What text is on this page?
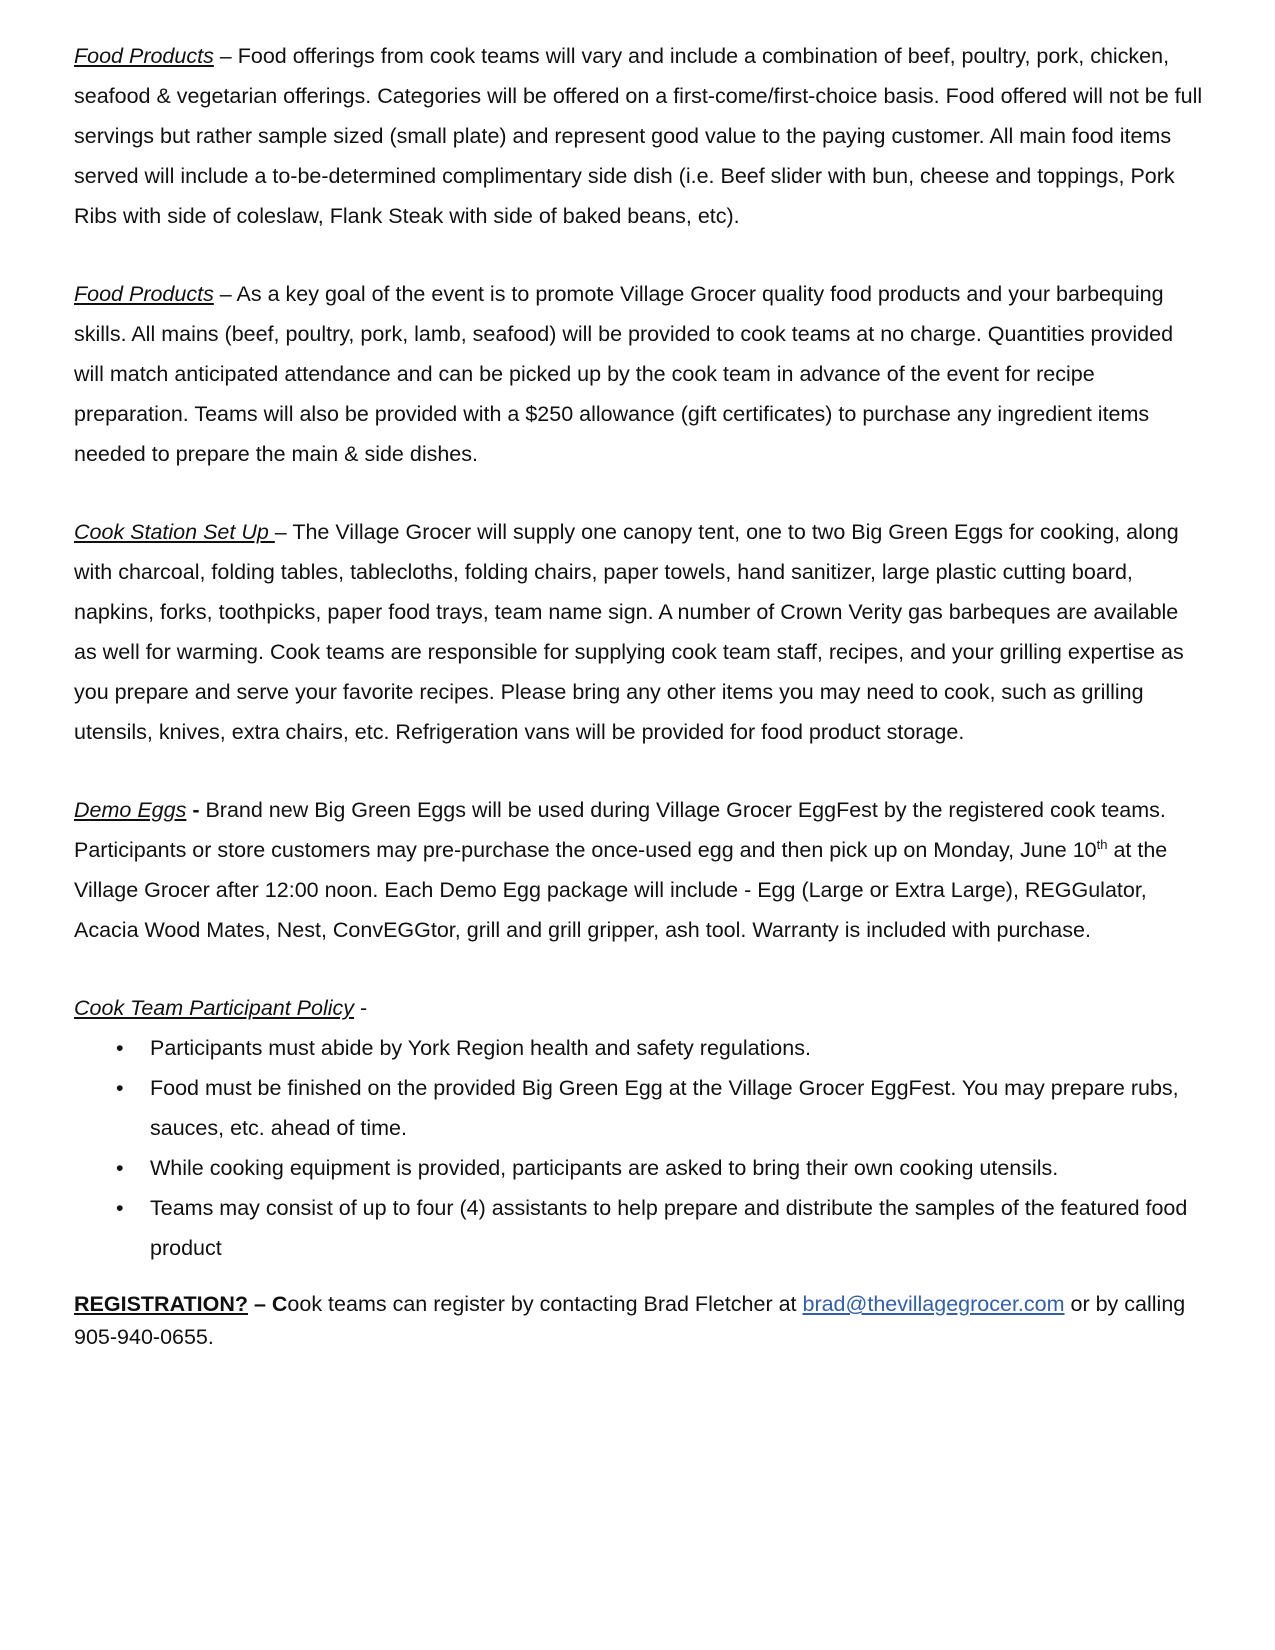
Food Products – Food offerings from cook teams will vary and include a combination of beef, poultry, pork, chicken, seafood & vegetarian offerings. Categories will be offered on a first-come/first-choice basis. Food offered will not be full servings but rather sample sized (small plate) and represent good value to the paying customer. All main food items served will include a to-be-determined complimentary side dish (i.e. Beef slider with bun, cheese and toppings, Pork Ribs with side of coleslaw, Flank Steak with side of baked beans, etc).

Food Products – As a key goal of the event is to promote Village Grocer quality food products and your barbequing skills. All mains (beef, poultry, pork, lamb, seafood) will be provided to cook teams at no charge. Quantities provided will match anticipated attendance and can be picked up by the cook team in advance of the event for recipe preparation. Teams will also be provided with a $250 allowance (gift certificates) to purchase any ingredient items needed to prepare the main & side dishes.

Cook Station Set Up – The Village Grocer will supply one canopy tent, one to two Big Green Eggs for cooking, along with charcoal, folding tables, tablecloths, folding chairs, paper towels, hand sanitizer, large plastic cutting board, napkins, forks, toothpicks, paper food trays, team name sign. A number of Crown Verity gas barbeques are available as well for warming. Cook teams are responsible for supplying cook team staff, recipes, and your grilling expertise as you prepare and serve your favorite recipes. Please bring any other items you may need to cook, such as grilling utensils, knives, extra chairs, etc. Refrigeration vans will be provided for food product storage.

Demo Eggs - Brand new Big Green Eggs will be used during Village Grocer EggFest by the registered cook teams. Participants or store customers may pre-purchase the once-used egg and then pick up on Monday, June 10th at the Village Grocer after 12:00 noon. Each Demo Egg package will include - Egg (Large or Extra Large), REGGulator, Acacia Wood Mates, Nest, ConvEGGtor, grill and grill gripper, ash tool. Warranty is included with purchase.

Cook Team Participant Policy -

• Participants must abide by York Region health and safety regulations.
• Food must be finished on the provided Big Green Egg at the Village Grocer EggFest. You may prepare rubs, sauces, etc. ahead of time.
• While cooking equipment is provided, participants are asked to bring their own cooking utensils.
• Teams may consist of up to four (4) assistants to help prepare and distribute the samples of the featured food product

REGISTRATION? – Cook teams can register by contacting Brad Fletcher at brad@thevillagegrocer.com or by calling 905-940-0655.
